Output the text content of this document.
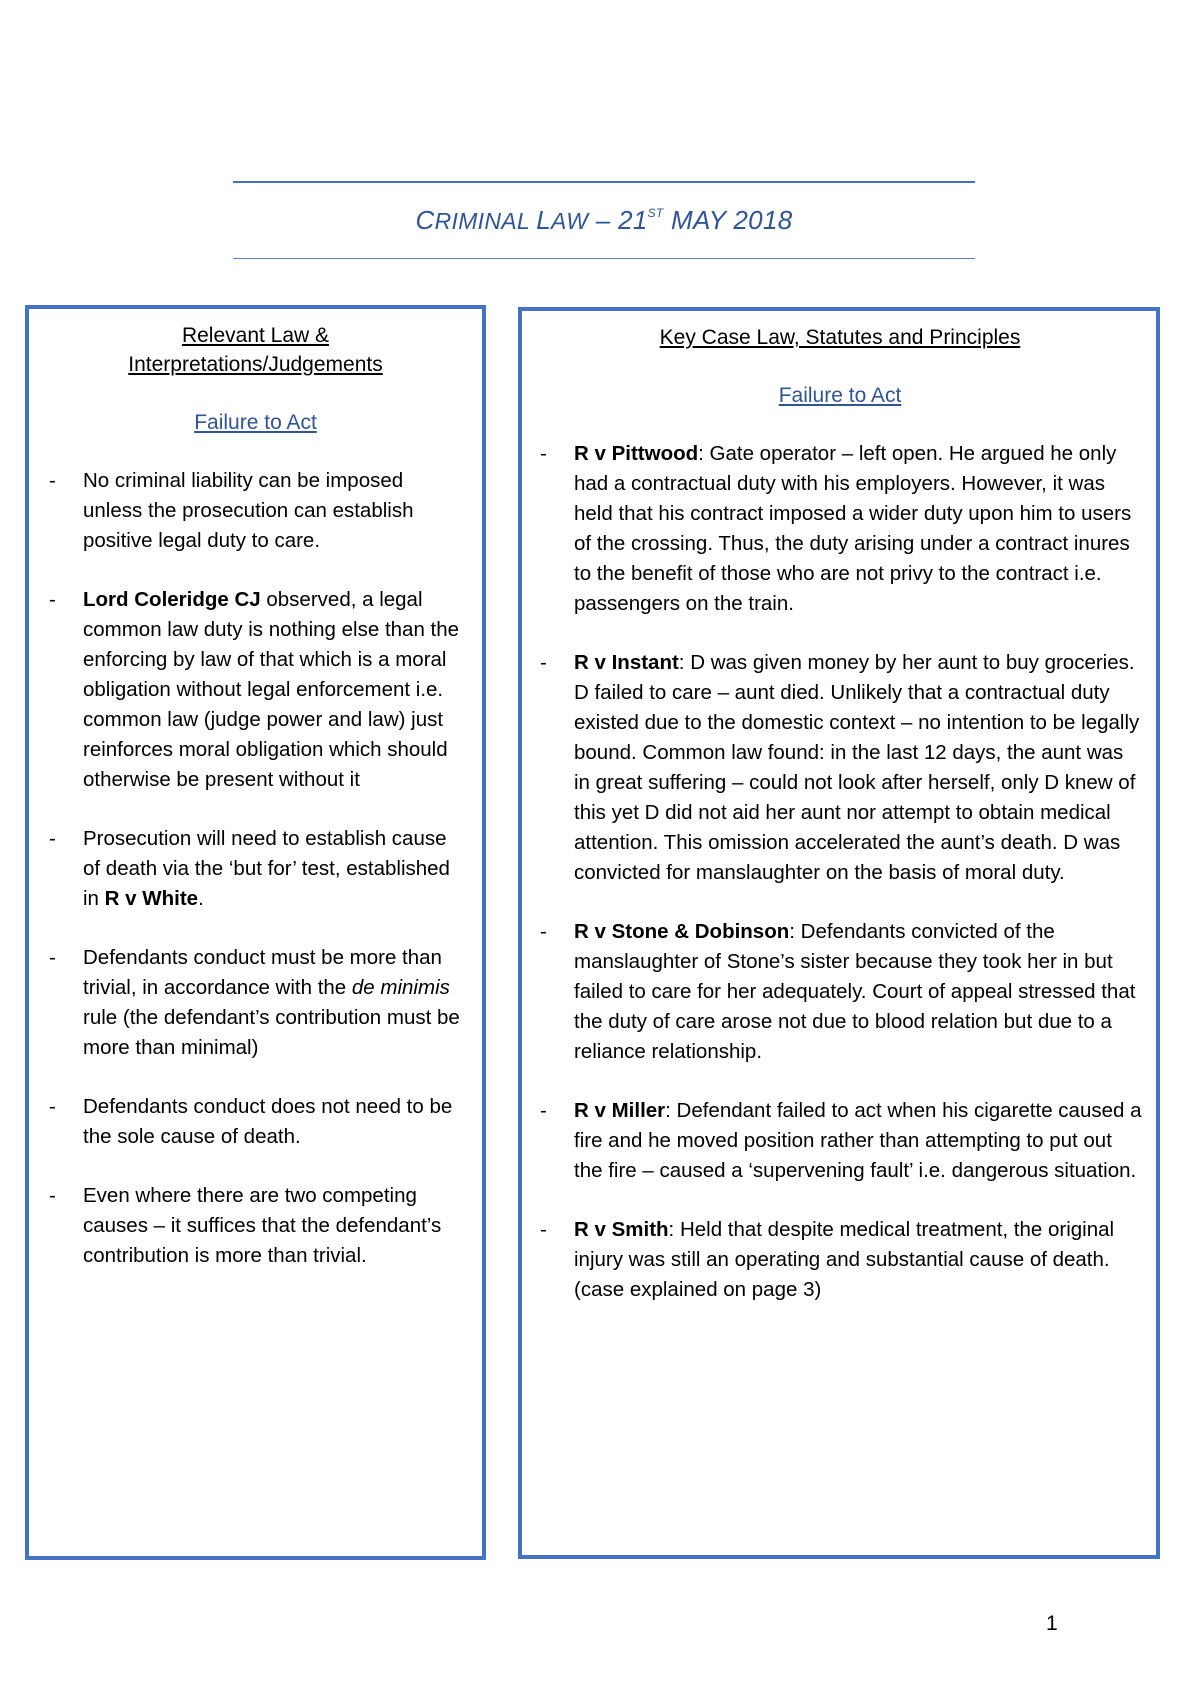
CRIMINAL LAW – 21ST MAY 2018

Relevant Law &
Interpretations/Judgements

Failure to Act

- No criminal liability can be imposed unless the prosecution can establish positive legal duty to care.
- Lord Coleridge CJ observed, a legal common law duty is nothing else than the enforcing by law of that which is a moral obligation without legal enforcement i.e. common law (judge power and law) just reinforces moral obligation which should otherwise be present without it
- Prosecution will need to establish cause of death via the ‘but for’ test, established in R v White.
- Defendants conduct must be more than trivial, in accordance with the de minimis rule (the defendant’s contribution must be more than minimal)
- Defendants conduct does not need to be the sole cause of death.
- Even where there are two competing causes – it suffices that the defendant’s contribution is more than trivial.

Key Case Law, Statutes and Principles

Failure to Act

- R v Pittwood: Gate operator – left open. He argued he only had a contractual duty with his employers. However, it was held that his contract imposed a wider duty upon him to users of the crossing. Thus, the duty arising under a contract inures to the benefit of those who are not privy to the contract i.e. passengers on the train.
- R v Instant: D was given money by her aunt to buy groceries. D failed to care – aunt died. Unlikely that a contractual duty existed due to the domestic context – no intention to be legally bound. Common law found: in the last 12 days, the aunt was in great suffering – could not look after herself, only D knew of this yet D did not aid her aunt nor attempt to obtain medical attention. This omission accelerated the aunt’s death. D was convicted for manslaughter on the basis of moral duty.
- R v Stone & Dobinson: Defendants convicted of the manslaughter of Stone’s sister because they took her in but failed to care for her adequately. Court of appeal stressed that the duty of care arose not due to blood relation but due to a reliance relationship.
- R v Miller: Defendant failed to act when his cigarette caused a fire and he moved position rather than attempting to put out the fire – caused a ‘supervening fault’ i.e. dangerous situation.
- R v Smith: Held that despite medical treatment, the original injury was still an operating and substantial cause of death. (case explained on page 3)
1
